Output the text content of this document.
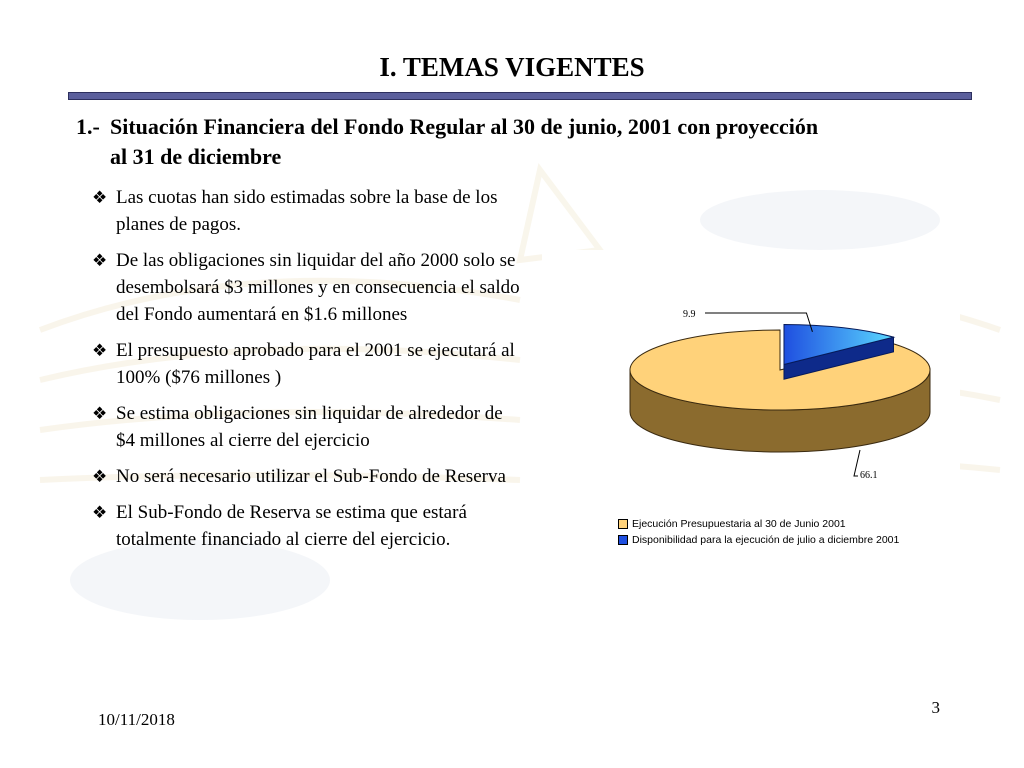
I. TEMAS VIGENTES
1.- Situación Financiera del Fondo Regular al 30 de junio, 2001 con proyección
al 31 de diciembre
❖ Las cuotas han sido estimadas sobre la base de los planes de pagos.
❖ De las obligaciones sin liquidar del año 2000 solo se desembolsará $3 millones y en consecuencia el saldo del Fondo aumentará en $1.6 millones
❖ El presupuesto aprobado para el 2001 se ejecutará al 100% ($76 millones )
❖ Se estima obligaciones sin liquidar de alrededor de $4 millones al cierre del ejercicio
❖ No será necesario utilizar el Sub-Fondo de Reserva
❖ El Sub-Fondo de Reserva se estima que estará totalmente financiado al cierre del ejercicio.
9.9
66.1
Ejecución Presupuestaria al 30 de Junio 2001
Disponibilidad para la ejecución de julio a diciembre 2001
3
10/11/2018
